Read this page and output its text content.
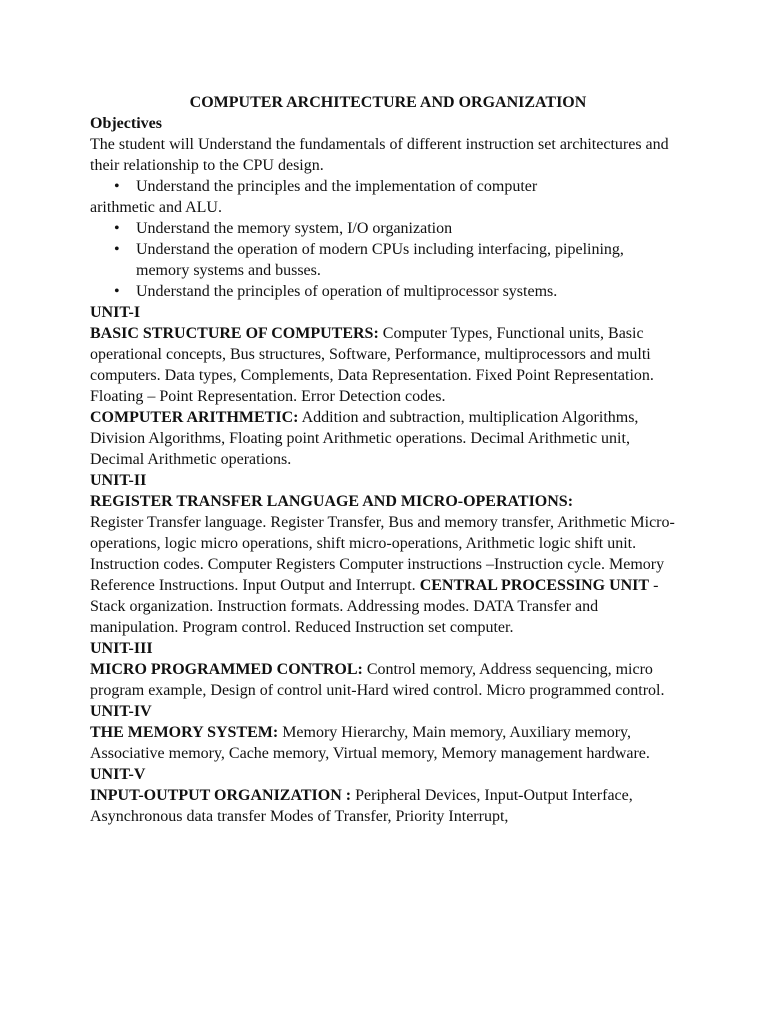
COMPUTER ARCHITECTURE AND ORGANIZATION
Objectives

The student will Understand the fundamentals of different instruction set architectures and their relationship to the CPU design.

• Understand the principles and the implementation of computer

arithmetic and ALU.

• Understand the memory system, I/O organization
• Understand the operation of modern CPUs including interfacing, pipelining, memory systems and busses.
• Understand the principles of operation of multiprocessor systems.
UNIT-I

BASIC STRUCTURE OF COMPUTERS: Computer Types, Functional units, Basic operational concepts, Bus structures, Software, Performance, multiprocessors and multi computers. Data types, Complements, Data Representation. Fixed Point Representation. Floating – Point Representation. Error Detection codes.

COMPUTER ARITHMETIC: Addition and subtraction, multiplication Algorithms, Division Algorithms, Floating point Arithmetic operations. Decimal Arithmetic unit, Decimal Arithmetic operations.

UNIT-II
REGISTER TRANSFER LANGUAGE AND MICRO-OPERATIONS:

Register Transfer language. Register Transfer, Bus and memory transfer, Arithmetic Micro-operations, logic micro operations, shift micro-operations, Arithmetic logic shift unit. Instruction codes. Computer Registers Computer instructions –Instruction cycle. Memory Reference Instructions. Input Output and Interrupt. CENTRAL PROCESSING UNIT - Stack organization. Instruction formats. Addressing modes. DATA Transfer and manipulation. Program control. Reduced Instruction set computer.

UNIT-III

MICRO PROGRAMMED CONTROL: Control memory, Address sequencing, micro program example, Design of control unit-Hard wired control. Micro programmed control.

UNIT-IV

THE MEMORY SYSTEM: Memory Hierarchy, Main memory, Auxiliary memory, Associative memory, Cache memory, Virtual memory, Memory management hardware.

UNIT-V

INPUT-OUTPUT ORGANIZATION : Peripheral Devices, Input-Output Interface, Asynchronous data transfer Modes of Transfer, Priority Interrupt,
